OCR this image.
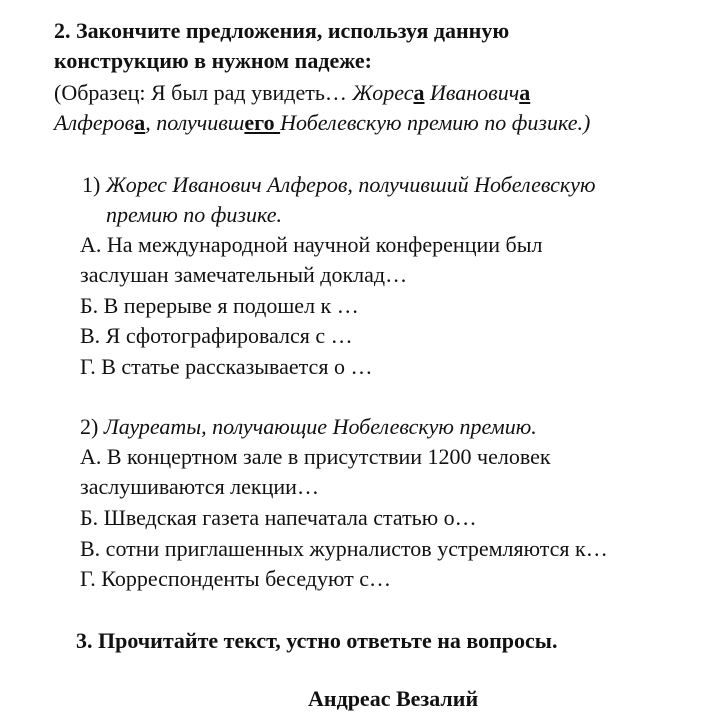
2. Закончите предложения, используя данную
конструкцию в нужном падеже:
(Образец: Я был рад увидеть… Жореса Ивановича
Алферова, получившего Нобелевскую премию по физике.)
1) Жорес Иванович Алферов, получивший Нобелевскую
премию по физике.
А. На международной научной конференции был
заслушан замечательный доклад…
Б. В перерыве я подошел к …
В. Я сфотографировался с …
Г. В статье рассказывается о …
2) Лауреаты, получающие Нобелевскую премию.
А. В концертном зале в присутствии 1200 человек
заслушиваются лекции…
Б. Шведская газета напечатала статью о…
В. сотни приглашенных журналистов устремляются к…
Г. Корреспонденты беседуют с…
3. Прочитайте текст, устно ответьте на вопросы.
Андреас Везалий
